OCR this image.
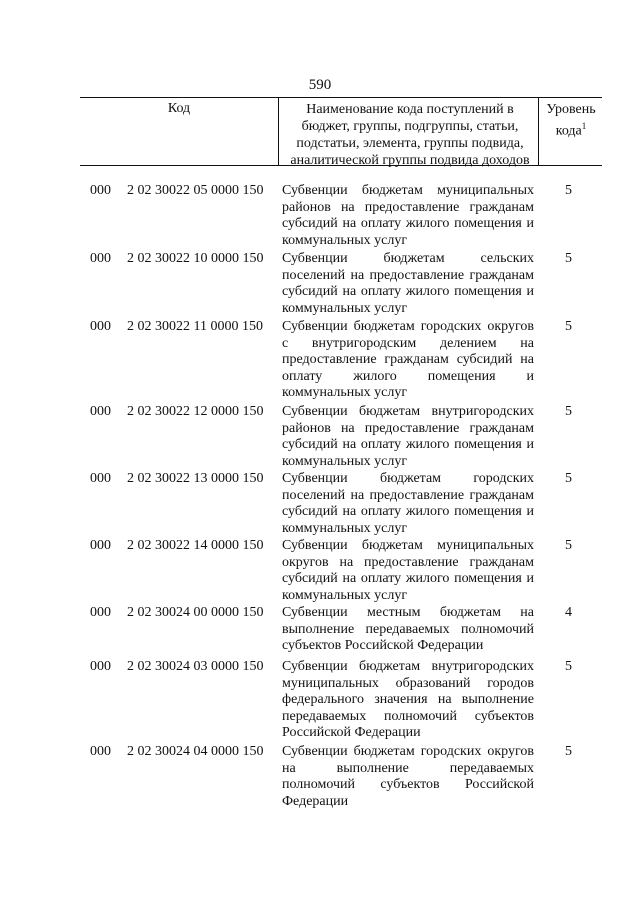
590
Код	Наименование кода поступлений в
бюджет, группы, подгруппы, статьи,
подстатьи, элемента, группы подвида,
аналитической группы подвида доходов
Уровень
кода$^1$
000 2 02 30022 05 0000 150 Субвенции бюджетам муниципальных районов на предоставление гражданам субсидий на оплату жилого помещения и коммунальных услуг
5
000 2 02 30022 10 0000 150 Субвенции бюджетам сельских поселений на предоставление гражданам субсидий на оплату жилого помещения и коммунальных услуг
5
000 2 02 30022 11 0000 150 Субвенции бюджетам городских округов с внутригородским делением на предоставление гражданам субсидий на оплату жилого помещения и коммунальных услуг
5
000 2 02 30022 12 0000 150 Субвенции бюджетам внутригородских районов на предоставление гражданам субсидий на оплату жилого помещения и коммунальных услуг
5
000 2 02 30022 13 0000 150 Субвенции бюджетам городских поселений на предоставление гражданам субсидий на оплату жилого помещения и коммунальных услуг
5
000 2 02 30022 14 0000 150 Субвенции бюджетам муниципальных округов на предоставление гражданам субсидий на оплату жилого помещения и коммунальных услуг
5
000 2 02 30024 00 0000 150 Субвенции местным бюджетам на выполнение передаваемых полномочий субъектов Российской Федерации
4
000 2 02 30024 03 0000 150 Субвенции бюджетам внутригородских муниципальных образований городов федерального значения на выполнение передаваемых полномочий субъектов Российской Федерации
5
000 2 02 30024 04 0000 150 Субвенции бюджетам городских округов на выполнение передаваемых полномочий субъектов Российской Федерации
5
